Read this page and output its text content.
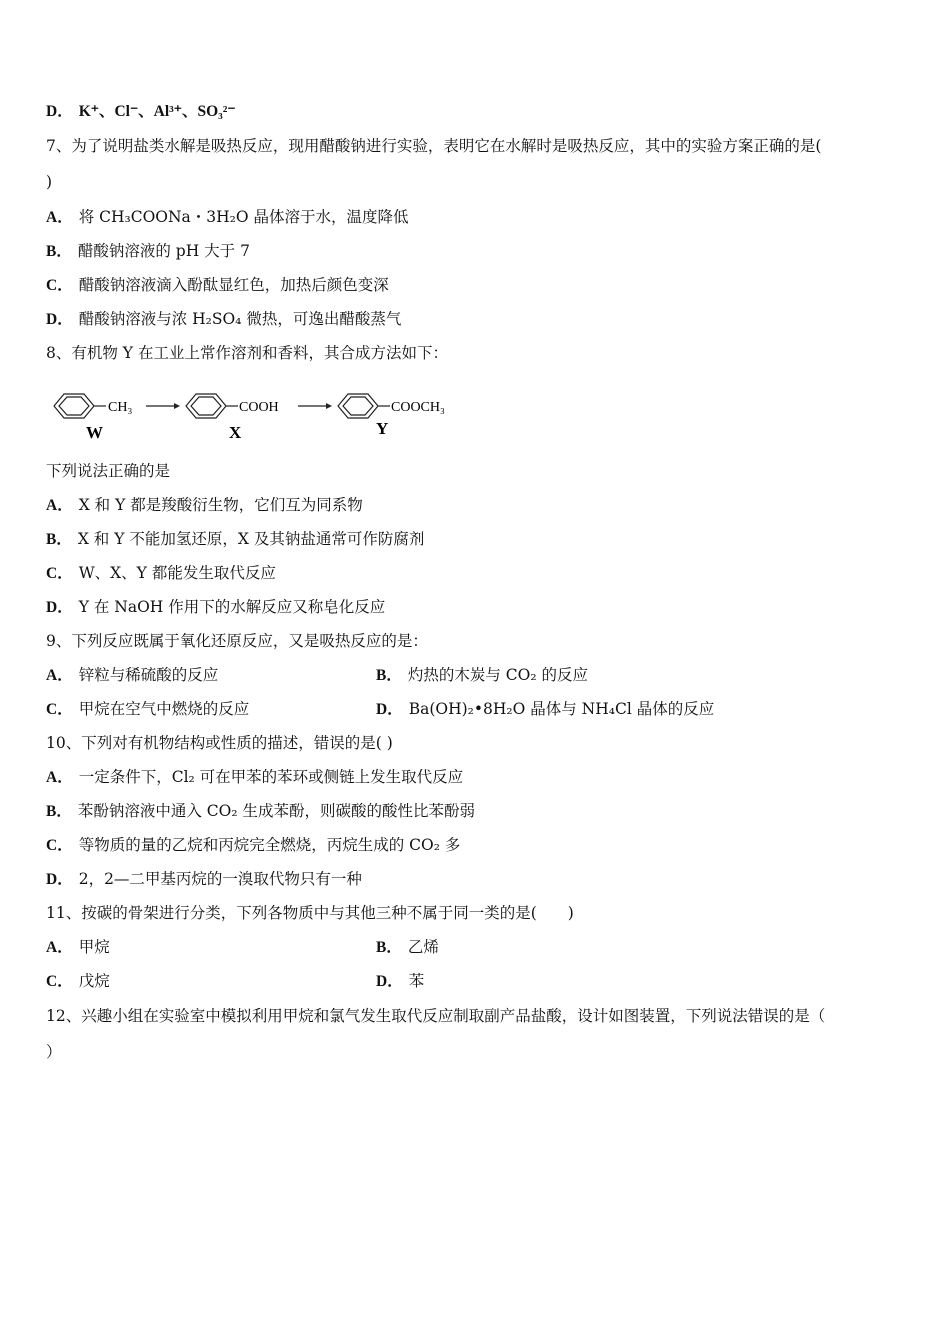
D． K⁺、Cl⁻、Al³⁺、SO₃²⁻
7、为了说明盐类水解是吸热反应，现用醋酸钠进行实验，表明它在水解时是吸热反应，其中的实验方案正确的是(
)
A． 将 CH₃COONa・3H₂O 晶体溶于水，温度降低
B． 醋酸钠溶液的 pH 大于 7
C． 醋酸钠溶液滴入酚酞显红色，加热后颜色变深
D． 醋酸钠溶液与浓 H₂SO₄ 微热，可逸出醋酸蒸气
8、有机物 Y 在工业上常作溶剂和香料，其合成方法如下：
CH₃
W
COOH
X
COOCH₃
Y
下列说法正确的是
A． X 和 Y 都是羧酸衍生物，它们互为同系物
B． X 和 Y 不能加氢还原，X 及其钠盐通常可作防腐剂
C． W、X、Y 都能发生取代反应
D． Y 在 NaOH 作用下的水解反应又称皂化反应
9、下列反应既属于氧化还原反应，又是吸热反应的是：
A． 锌粒与稀硫酸的反应	B． 灼热的木炭与 CO₂ 的反应
C． 甲烷在空气中燃烧的反应	D． Ba(OH)₂•8H₂O 晶体与 NH₄Cl 晶体的反应
10、下列对有机物结构或性质的描述，错误的是( )
A． 一定条件下，Cl₂ 可在甲苯的苯环或侧链上发生取代反应
B． 苯酚钠溶液中通入 CO₂ 生成苯酚，则碳酸的酸性比苯酚弱
C． 等物质的量的乙烷和丙烷完全燃烧，丙烷生成的 CO₂ 多
D． 2，2—二甲基丙烷的一溴取代物只有一种
11、按碳的骨架进行分类，下列各物质中与其他三种不属于同一类的是(　　)
A． 甲烷	B． 乙烯
C． 戊烷	D． 苯
12、兴趣小组在实验室中模拟利用甲烷和氯气发生取代反应制取副产品盐酸，设计如图装置，下列说法错误的是（
）
